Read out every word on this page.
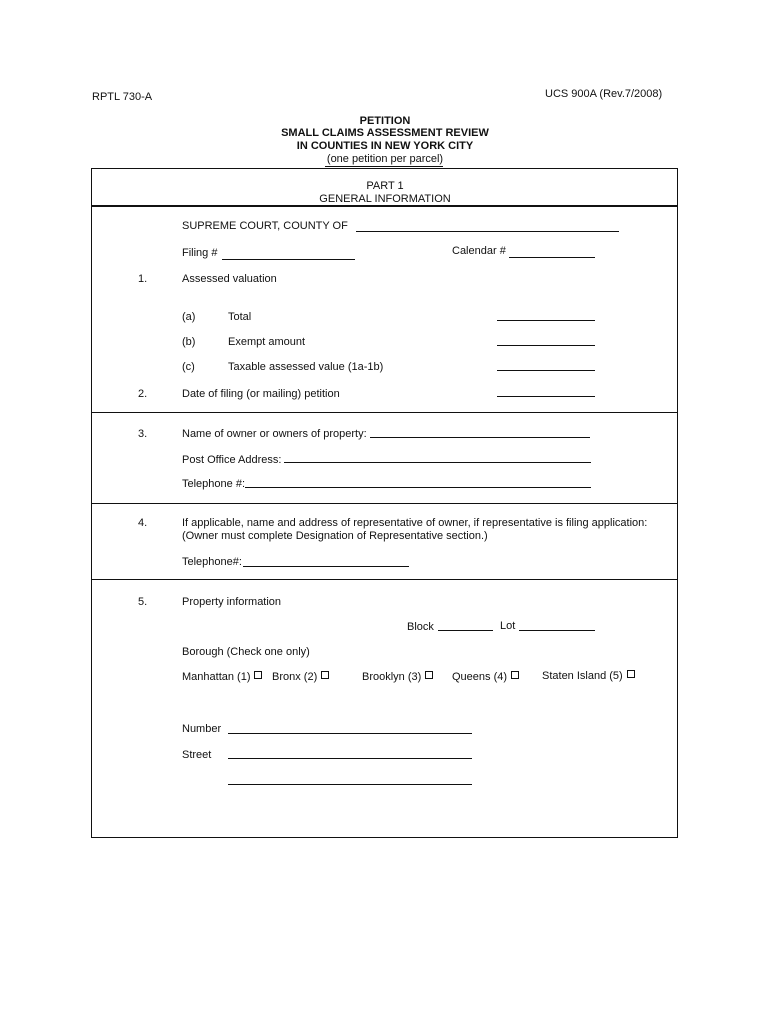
RPTL 730-A	UCS 900A (Rev.7/2008)
PETITION
SMALL CLAIMS ASSESSMENT REVIEW
IN COUNTIES IN NEW YORK CITY
(one petition per parcel)
PART 1
GENERAL INFORMATION
SUPREME COURT, COUNTY OF
Filing #	Calendar #
1.	Assessed valuation
(a)	Total
(b)	Exempt amount
(c)	Taxable assessed value (1a-1b)
2.	Date of filing (or mailing) petition
3.	Name of owner or owners of property:
Post Office Address:
Telephone #:
4.	If applicable, name and address of representative of owner, if representative is filing application:
(Owner must complete Designation of Representative section.)
Telephone#:
5.	Property information
Block	Lot
Borough (Check one only)
Manhattan (1)	Bronx (2)	Brooklyn (3)	Queens (4)	Staten Island (5)
Number
Street
